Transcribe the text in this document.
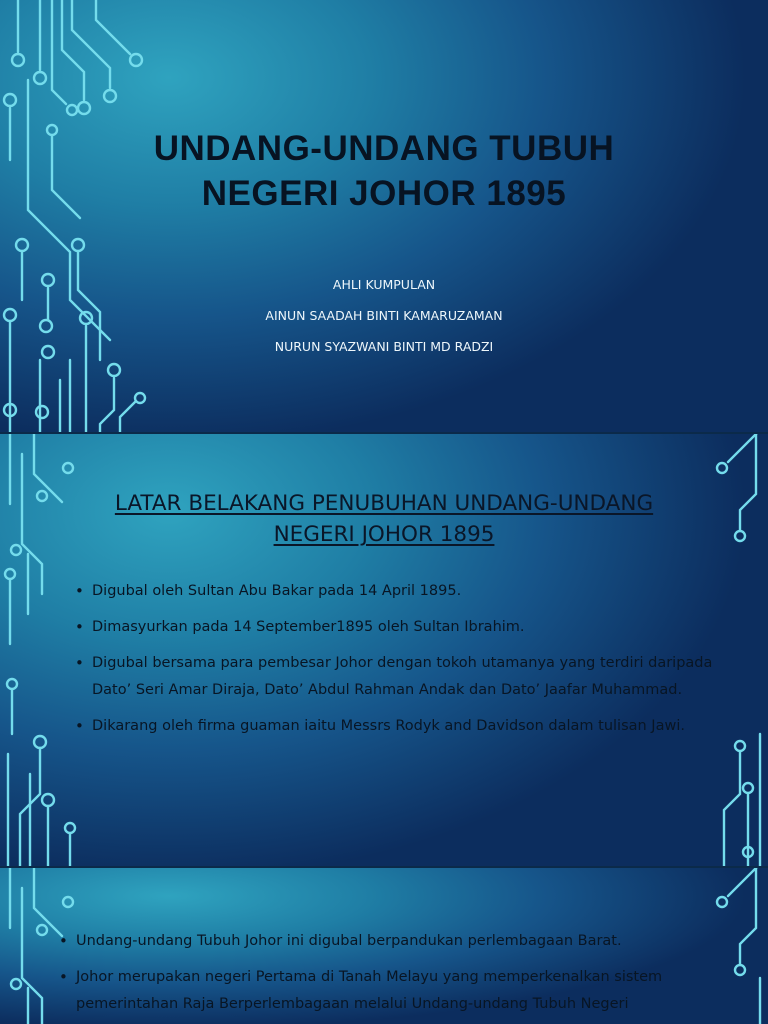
UNDANG-UNDANG TUBUH
NEGERI JOHOR 1895
AHLI KUMPULAN
AINUN SAADAH BINTI KAMARUZAMAN
NURUN SYAZWANI BINTI MD RADZI
LATAR BELAKANG PENUBUHAN UNDANG-UNDANG
NEGERI JOHOR 1895
• Digubal oleh Sultan Abu Bakar pada 14 April 1895.
• Dimasyurkan pada 14 September1895 oleh Sultan Ibrahim.
• Digubal bersama para pembesar Johor dengan tokoh utamanya yang terdiri daripada Dato’ Seri Amar Diraja, Dato’ Abdul Rahman Andak dan Dato’ Jaafar Muhammad.
• Dikarang oleh firma guaman iaitu Messrs Rodyk and Davidson dalam tulisan Jawi.
• Undang-undang Tubuh Johor ini digubal berpandukan perlembagaan Barat.
• Johor merupakan negeri Pertama di Tanah Melayu yang memperkenalkan sistem pemerintahan Raja Berperlembagaan melalui Undang-undang Tubuh Negeri
